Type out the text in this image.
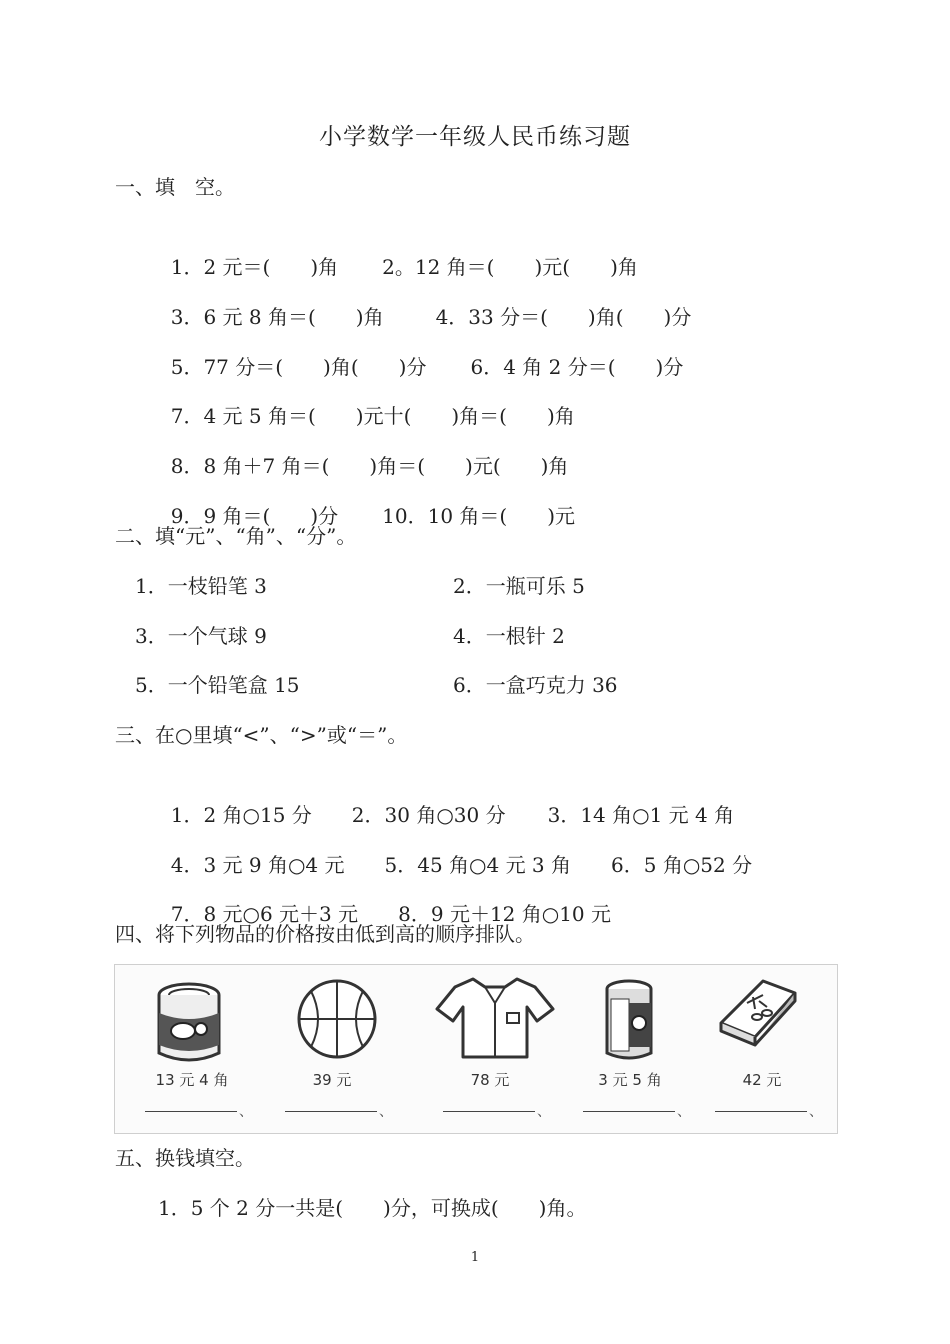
小学数学一年级人民币练习题
一、填　空。

1．2 元＝(　　)角 2。12 角＝(　　)元(　　)角

3．6 元 8 角＝(　　)角	4．33 分＝(　　)角(　　)分

5．77 分＝(　　)角(　　)分 6．4 角 2 分＝(　　)分

7．4 元 5 角＝(　　)元十(　　)角＝(　　)角

8．8 角＋7 角＝(　　)角＝(　　)元(　　)角

9．9 角＝(　　)分 10．10 角＝(　　)元

二、填“元”、“角”、“分”。
1．一枝铅笔 3	2．一瓶可乐 5
3．一个气球 9	4．一根针 2
5．一个铅笔盒 15	6．一盒巧克力 36
三、在○里填“<”、“>”或“＝”。

1．2 角○15 分 2．30 角○30 分 3．14 角○1 元 4 角

4．3 元 9 角○4 元 5．45 角○4 元 3 角 6．5 角○52 分

7．8 元○6 元＋3 元 8．9 元＋12 角○10 元

四、将下列物品的价格按由低到高的顺序排队。
13 元 4 角
、
39 元
、
78 元
、
3 元 5 角
、
42 元
、
五、换钱填空。
1．5 个 2 分一共是(　　)分，可换成(　　)角。
1
